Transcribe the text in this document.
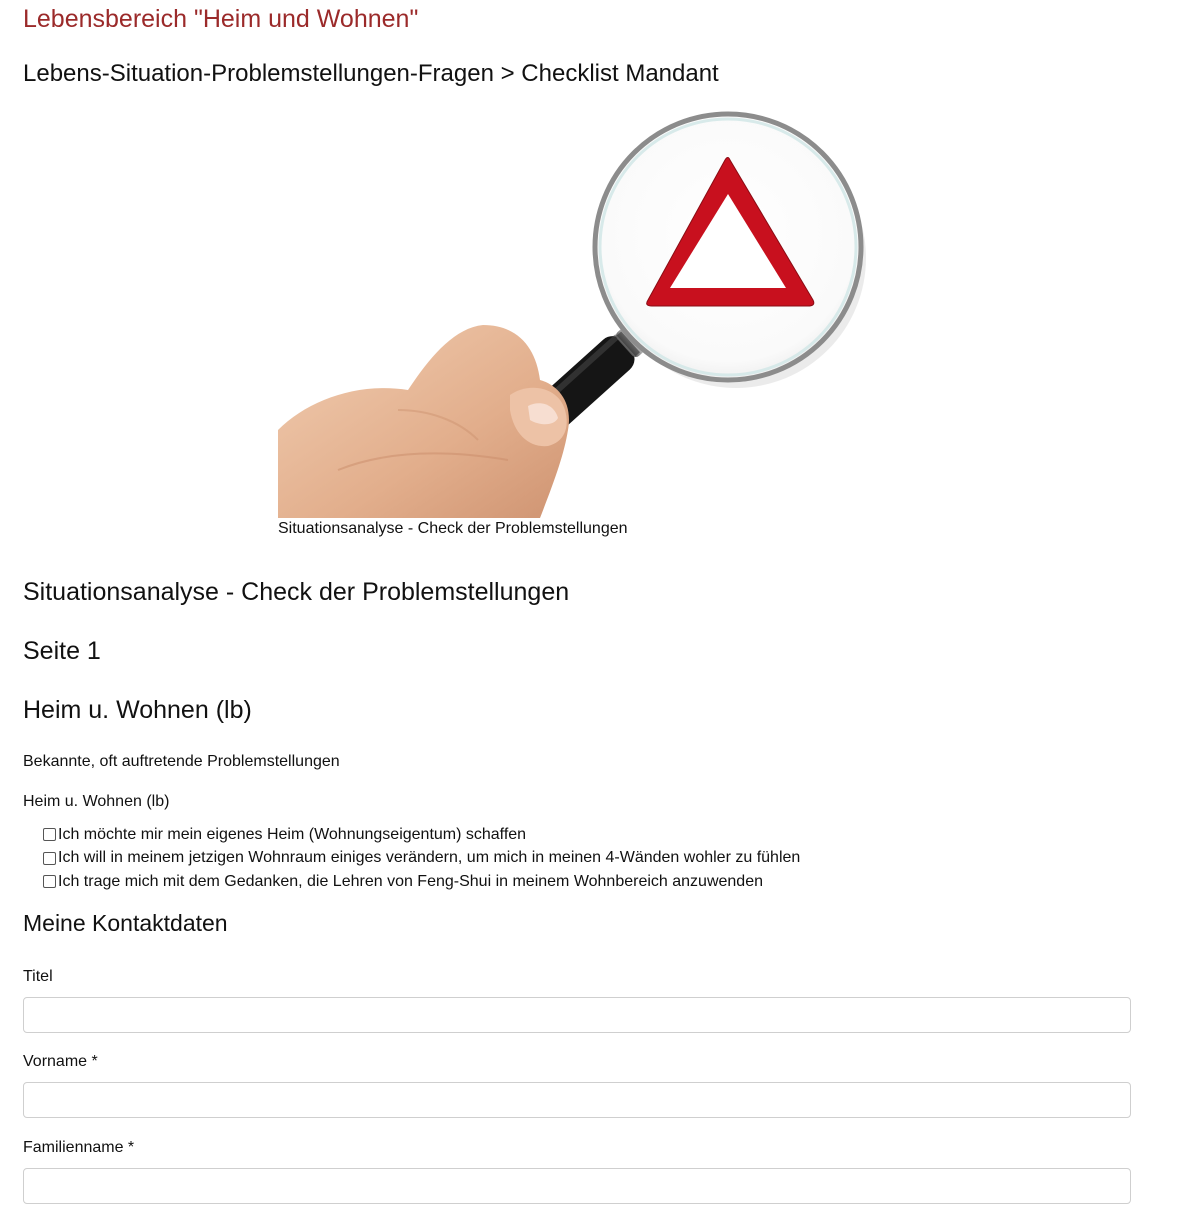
Lebensbereich "Heim und Wohnen"
Lebens-Situation-Problemstellungen-Fragen > Checklist Mandant
Situationsanalyse - Check der Problemstellungen
Situationsanalyse - Check der Problemstellungen
Seite 1
Heim u. Wohnen (lb)
Bekannte, oft auftretende Problemstellungen
Heim u. Wohnen (lb)
Ich möchte mir mein eigenes Heim (Wohnungseigentum) schaffen
Ich will in meinem jetzigen Wohnraum einiges verändern, um mich in meinen 4-Wänden wohler zu fühlen
Ich trage mich mit dem Gedanken, die Lehren von Feng-Shui in meinem Wohnbereich anzuwenden
Meine Kontaktdaten
Titel
Vorname *
Familienname *
